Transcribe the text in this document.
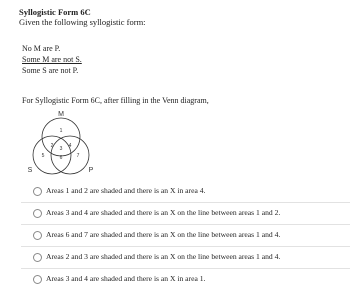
Syllogistic Form 6C
Given the following syllogistic form:
No M are P.
Some M are not S.
Some S are not P.
For Syllogistic Form 6C, after filling in the Venn diagram,
M
S	P
1
2 3 4
5	6	7
Areas 1 and 2 are shaded and there is an X in area 4.
Areas 3 and 4 are shaded and there is an X on the line between areas 1 and 2.
Areas 6 and 7 are shaded and there is an X on the line between areas 1 and 4.
Areas 2 and 3 are shaded and there is an X on the line between areas 1 and 4.
Areas 3 and 4 are shaded and there is an X in area 1.
